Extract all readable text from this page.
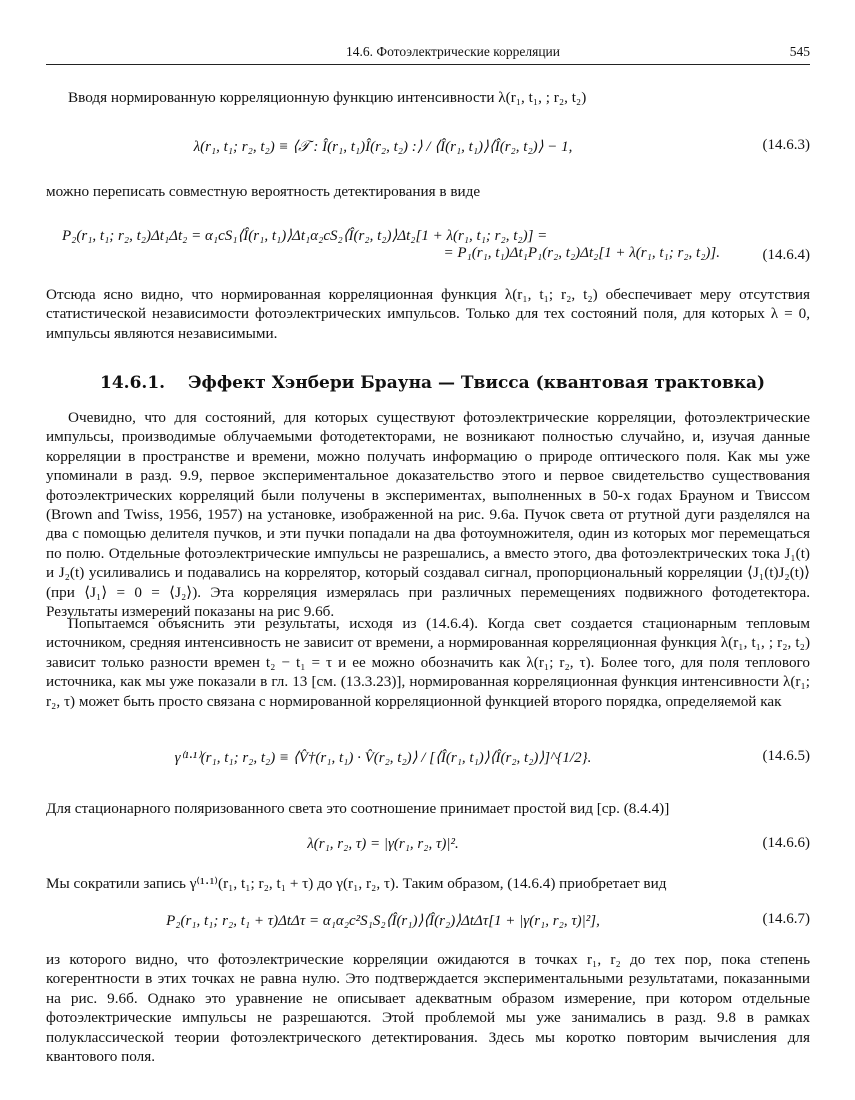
14.6. Фотоэлектрические корреляции	545

Вводя нормированную корреляционную функцию интенсивности λ(r₁, t₁, ; r₂, t₂)

λ(r₁, t₁; r₂, t₂) ≡ ⟨𝒯 : Î(r₁, t₁)Î(r₂, t₂) :⟩ / ⟨Î(r₁, t₁)⟩⟨Î(r₂, t₂)⟩ − 1,	(14.6.3)

можно переписать совместную вероятность детектирования в виде

P₂(r₁, t₁; r₂, t₂)Δt₁Δt₂ = α₁cS₁⟨Î(r₁, t₁)⟩Δt₁α₂cS₂⟨Î(r₂, t₂)⟩Δt₂[1 + λ(r₁, t₁; r₂, t₂)] =
= P₁(r₁, t₁)Δt₁P₁(r₂, t₂)Δt₂[1 + λ(r₁, t₁; r₂, t₂)].	(14.6.4)

Отсюда ясно видно, что нормированная корреляционная функция λ(r₁, t₁; r₂, t₂) обеспечивает меру отсутствия статистической независимости фотоэлектрических импульсов. Только для тех состояний поля, для которых λ = 0, импульсы являются независимыми.

14.6.1. Эффект Хэнбери Брауна — Твисса (квантовая трактовка)

Очевидно, что для состояний, для которых существуют фотоэлектрические корреляции, фотоэлектрические импульсы, производимые облучаемыми фотодетекторами, не возникают полностью случайно, и, изучая данные корреляции в пространстве и времени, можно получать информацию о природе оптического поля. Как мы уже упоминали в разд. 9.9, первое экспериментальное доказательство этого и первое свидетельство существования фотоэлектрических корреляций были получены в экспериментах, выполненных в 50-х годах Брауном и Твиссом (Brown and Twiss, 1956, 1957) на установке, изображенной на рис. 9.6а. Пучок света от ртутной дуги разделялся на два с помощью делителя пучков, и эти пучки попадали на два фотоумножителя, один из которых мог перемещаться по полю. Отдельные фотоэлектрические импульсы не разрешались, а вместо этого, два фотоэлектрических тока J₁(t) и J₂(t) усиливались и подавались на коррелятор, который создавал сигнал, пропорциональный корреляции ⟨J₁(t)J₂(t)⟩ (при ⟨J₁⟩ = 0 = ⟨J₂⟩). Эта корреляция измерялась при различных перемещениях подвижного фотодетектора. Результаты измерений показаны на рис 9.6б.

Попытаемся объяснить эти результаты, исходя из (14.6.4). Когда свет создается стационарным тепловым источником, средняя интенсивность не зависит от времени, а нормированная корреляционная функция λ(r₁, t₁, ; r₂, t₂) зависит только разности времен t₂ − t₁ = τ и ее можно обозначить как λ(r₁; r₂, τ). Более того, для поля теплового источника, как мы уже показали в гл. 13 [см. (13.3.23)], нормированная корреляционная функция интенсивности λ(r₁; r₂, τ) может быть просто связана с нормированной корреляционной функцией второго порядка, определяемой как

γ⁽¹·¹⁾(r₁, t₁; r₂, t₂) ≡ ⟨V̂†(r₁, t₁) · V̂(r₂, t₂)⟩ / [⟨Î(r₁, t₁)⟩⟨Î(r₂, t₂)⟩]^{1/2}.	(14.6.5)

Для стационарного поляризованного света это соотношение принимает простой вид [ср. (8.4.4)]

λ(r₁, r₂, τ) = |γ(r₁, r₂, τ)|².	(14.6.6)

Мы сократили запись γ⁽¹·¹⁾(r₁, t₁; r₂, t₁ + τ) до γ(r₁, r₂, τ). Таким образом, (14.6.4) приобретает вид

P₂(r₁, t₁; r₂, t₁ + τ)ΔtΔτ = α₁α₂c²S₁S₂⟨Î(r₁)⟩⟨Î(r₂)⟩ΔtΔτ[1 + |γ(r₁, r₂, τ)|²],	(14.6.7)

из которого видно, что фотоэлектрические корреляции ожидаются в точках r₁, r₂ до тех пор, пока степень когерентности в этих точках не равна нулю. Это подтверждается экспериментальными результатами, показанными на рис. 9.6б. Однако это уравнение не описывает адекватным образом измерение, при котором отдельные фотоэлектрические импульсы не разрешаются. Этой проблемой мы уже занимались в разд. 9.8 в рамках полуклассической теории фотоэлектрического детектирования. Здесь мы коротко повторим вычисления для квантового поля.
